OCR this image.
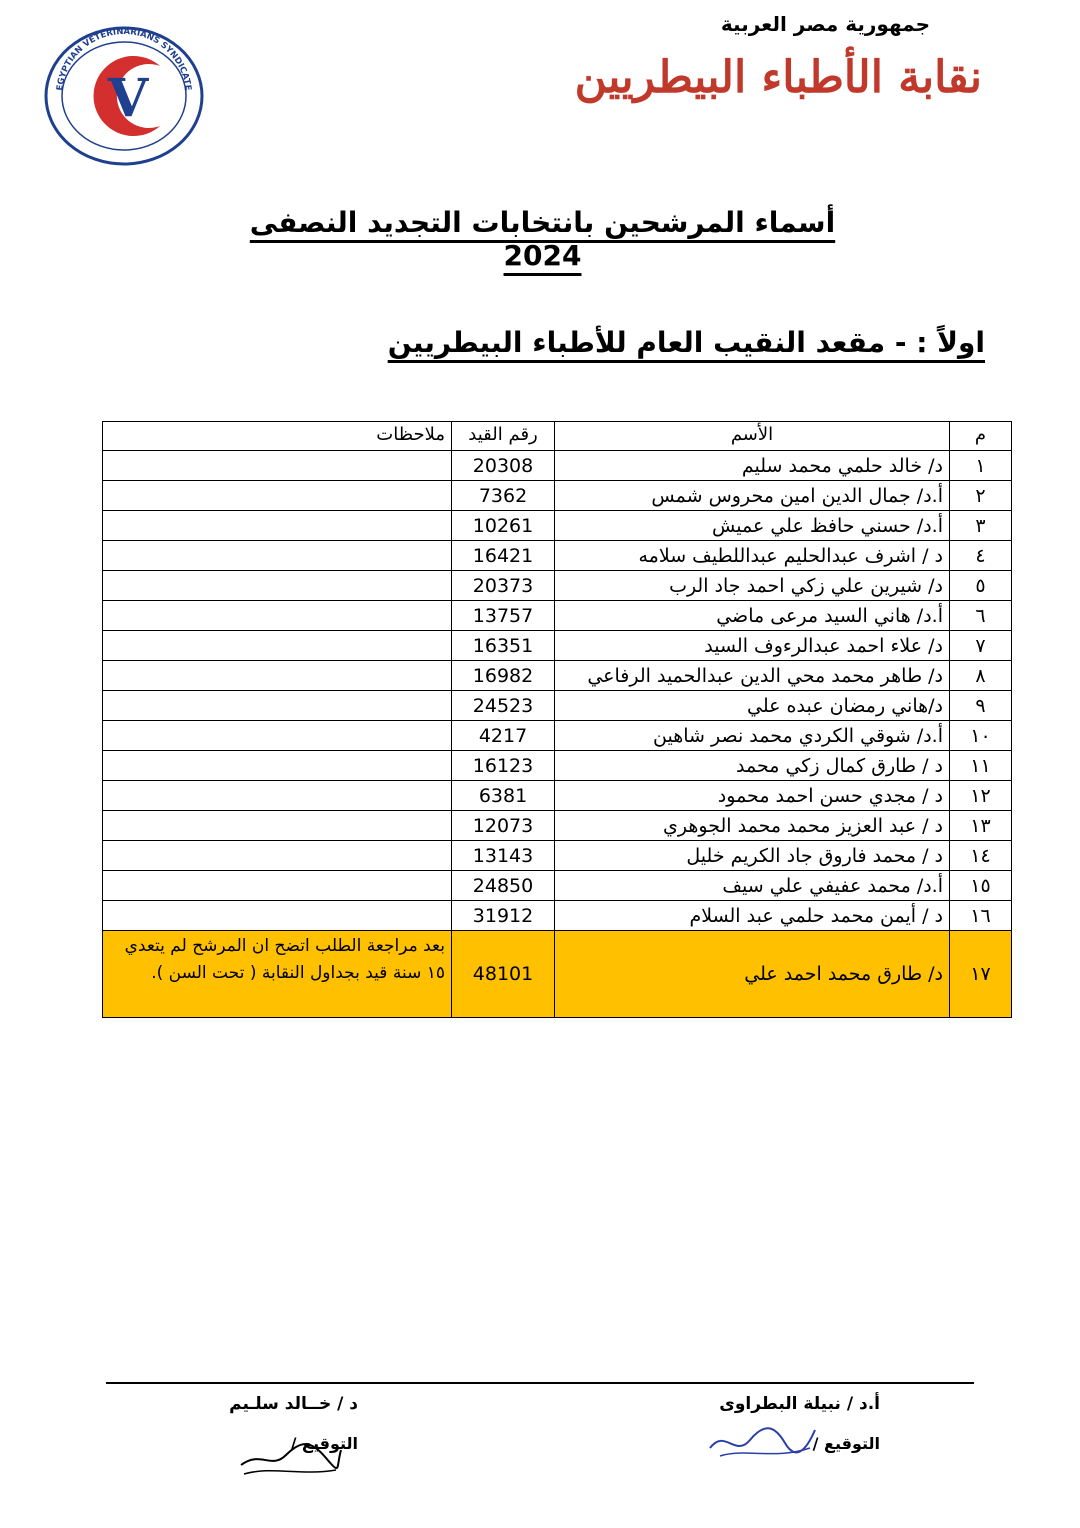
V
EGYPTIAN VETERINARIANS SYNDICATE
جمهورية مصر العربية
نقابة الأطباء البيطريين
أسماء المرشحين بانتخابات التجديد النصفى 2024
اولاً : - مقعد النقيب العام للأطباء البيطريين
م	الأسم	رقم القيد	ملاحظات
١	د/ خالد حلمي محمد سليم	20308	
٢	أ.د/ جمال الدين امين محروس شمس	7362	
٣	أ.د/ حسني حافظ علي عميش	10261	
٤	د / اشرف عبدالحليم عبداللطيف سلامه	16421	
٥	د/ شيرين علي زكي احمد جاد الرب	20373	
٦	أ.د/ هاني السيد مرعى ماضي	13757	
٧	د/ علاء احمد عبدالرءوف السيد	16351	
٨	د/ طاهر محمد محي الدين عبدالحميد الرفاعي	16982	
٩	د/هاني رمضان عبده علي	24523	
١٠	أ.د/ شوقي الكردي محمد نصر شاهين	4217	
١١	د / طارق كمال زكي محمد	16123	
١٢	د / مجدي حسن احمد محمود	6381	
١٣	د / عبد العزيز محمد محمد الجوهري	12073	
١٤	د / محمد فاروق جاد الكريم خليل	13143	
١٥	أ.د/ محمد عفيفي علي سيف	24850	
١٦	د / أيمن محمد حلمي عبد السلام	31912	
١٧	د/ طارق محمد احمد علي	48101	بعد مراجعة الطلب اتضح ان المرشح لم يتعدي ١٥ سنة قيد بجداول النقابة ( تحت السن ).
أ.د / نبيلة البطراوى
التوقيع /
د / خــالد سلـيم
التوقيع /
